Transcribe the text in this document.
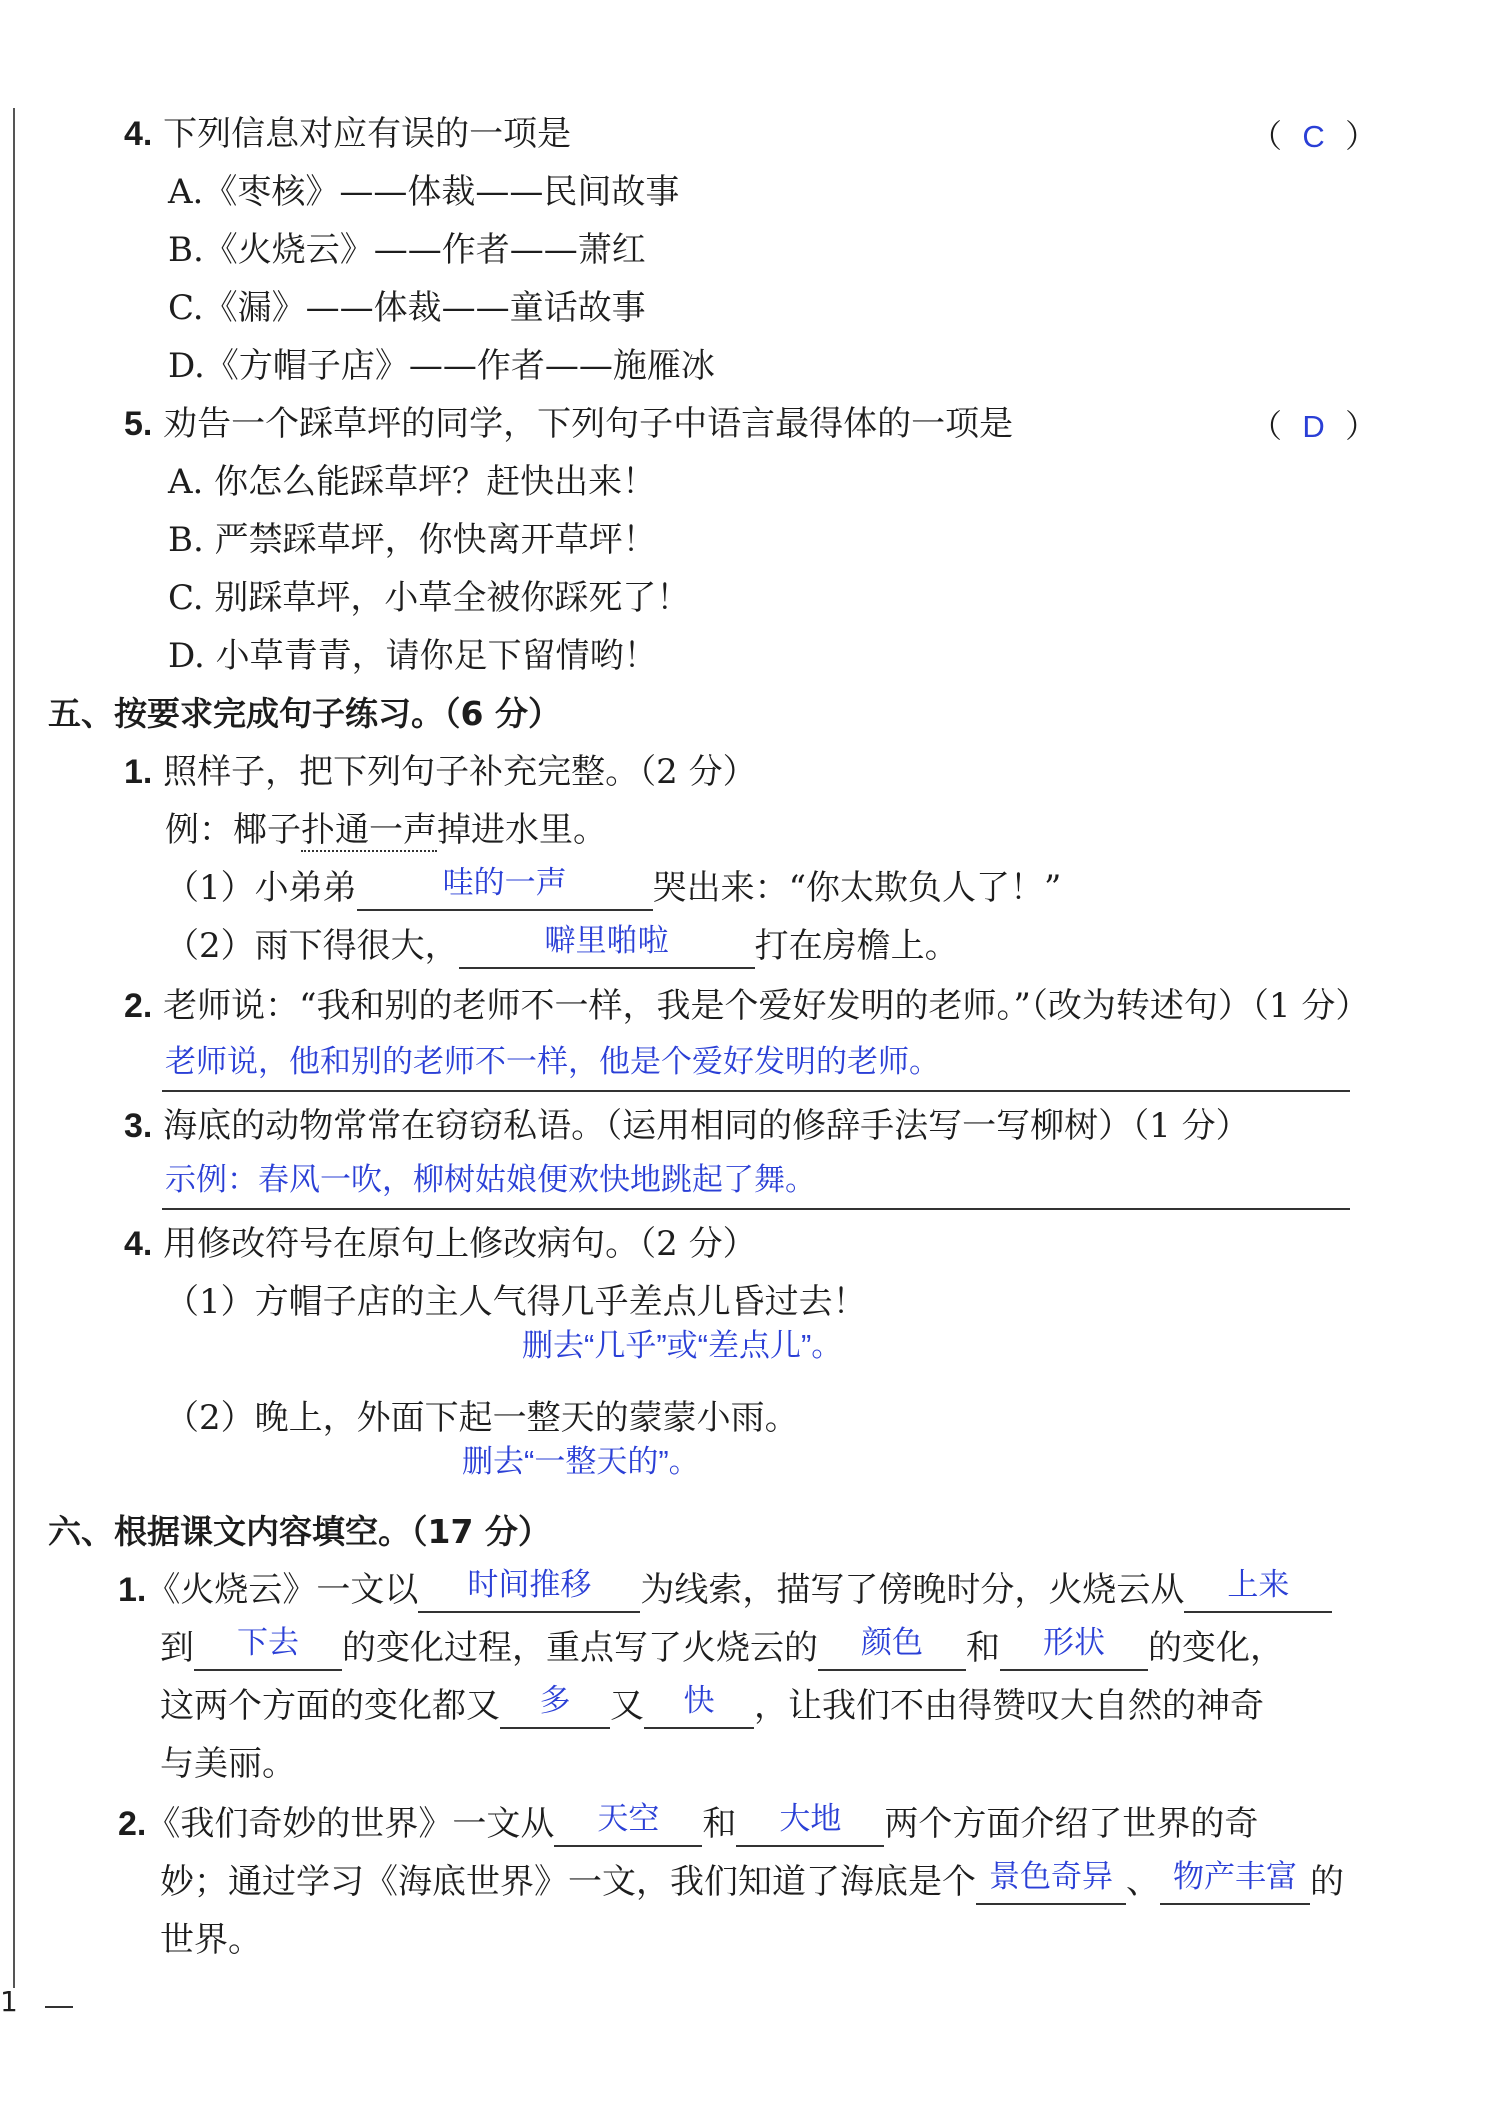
4. 下列信息对应有误的一项是	（  C  ）
A.《枣核》——体裁——民间故事
B.《火烧云》——作者——萧红
C.《漏》——体裁——童话故事
D.《方帽子店》——作者——施雁冰
5. 劝告一个踩草坪的同学，下列句子中语言最得体的一项是	（  D  ）
A. 你怎么能踩草坪？赶快出来！
B. 严禁踩草坪，你快离开草坪！
C. 别踩草坪，小草全被你踩死了！
D. 小草青青，请你足下留情哟！
五、按要求完成句子练习。（6 分）
1. 照样子，把下列句子补充完整。（2 分）
例：椰子扑通一声掉进水里。
（1）小弟弟	哇的一声	哭出来：“你太欺负人了！”
（2）雨下得很大，	噼里啪啦	打在房檐上。
2. 老师说：“我和别的老师不一样，我是个爱好发明的老师。”（改为转述句）（1 分）
老师说，他和别的老师不一样，他是个爱好发明的老师。
3. 海底的动物常常在窃窃私语。（运用相同的修辞手法写一写柳树）（1 分）
示例：春风一吹，柳树姑娘便欢快地跳起了舞。
4. 用修改符号在原句上修改病句。（2 分）
（1）方帽子店的主人气得几乎差点儿昏过去！
删去“几乎”或“差点儿”。
（2）晚上，外面下起一整天的蒙蒙小雨。
删去“一整天的”。
六、根据课文内容填空。（17 分）
1.《火烧云》一文以 时间推移 为线索，描写了傍晚时分，火烧云从 上来
到 下去 的变化过程，重点写了火烧云的 颜色 和 形状 的变化，
这两个方面的变化都又 多 又 快 ，让我们不由得赞叹大自然的神奇
与美丽。
2.《我们奇妙的世界》一文从 天空 和 大地 两个方面介绍了世界的奇
妙；通过学习《海底世界》一文，我们知道了海底是个 景色奇异 、 物产丰富 的
世界。
1
